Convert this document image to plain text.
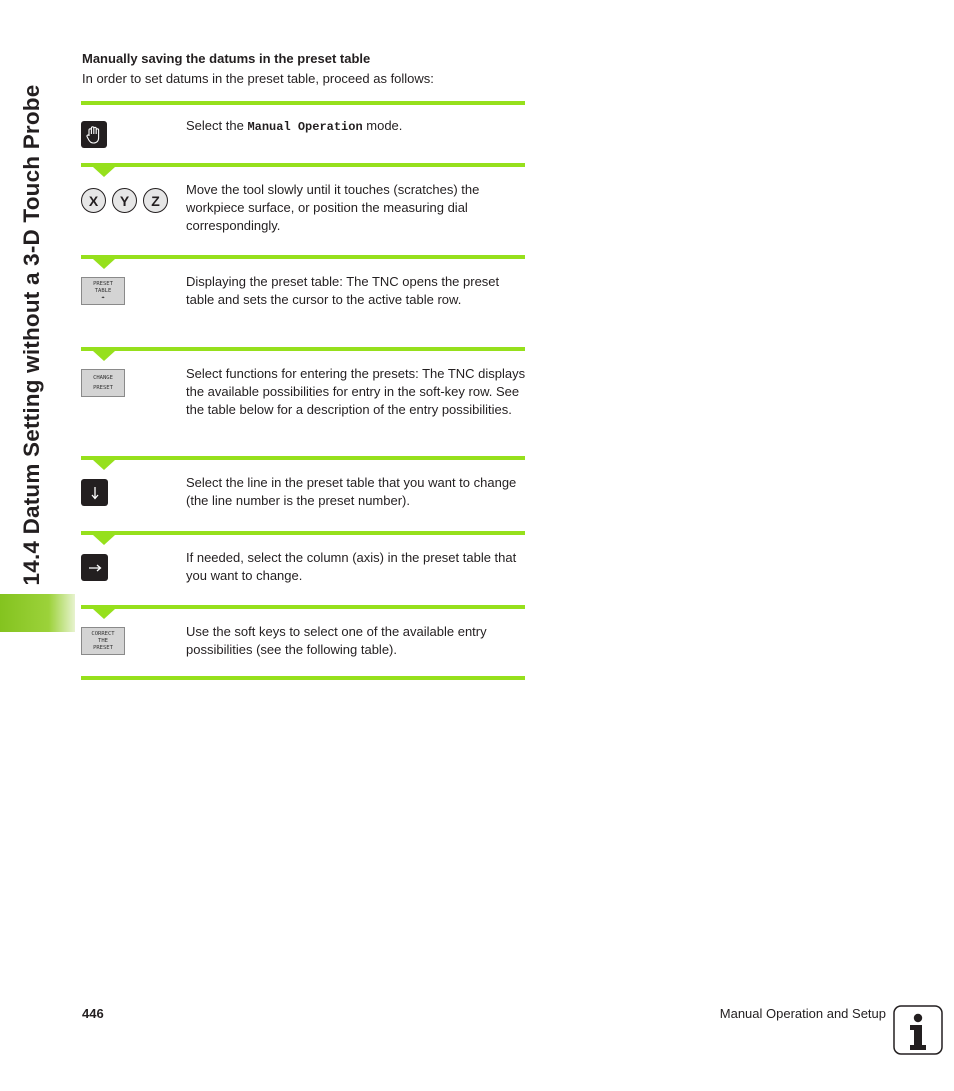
14.4 Datum Setting without a 3-D Touch Probe
Manually saving the datums in the preset table

In order to set datums in the preset table, proceed as follows:

Select the Manual Operation mode.

X	Y	Z

Move the tool slowly until it touches (scratches) the workpiece surface, or position the measuring dial correspondingly.

PRESET
TABLE
⌖

Displaying the preset table: The TNC opens the preset table and sets the cursor to the active table row.

CHANGE
PRESET

Select functions for entering the presets: The TNC displays the available possibilities for entry in the soft-key row. See the table below for a description of the entry possibilities.

Select the line in the preset table that you want to change (the line number is the preset number).

If needed, select the column (axis) in the preset table that you want to change.

CORRECT
THE
PRESET

Use the soft keys to select one of the available entry possibilities (see the following table).

446	Manual Operation and Setup
